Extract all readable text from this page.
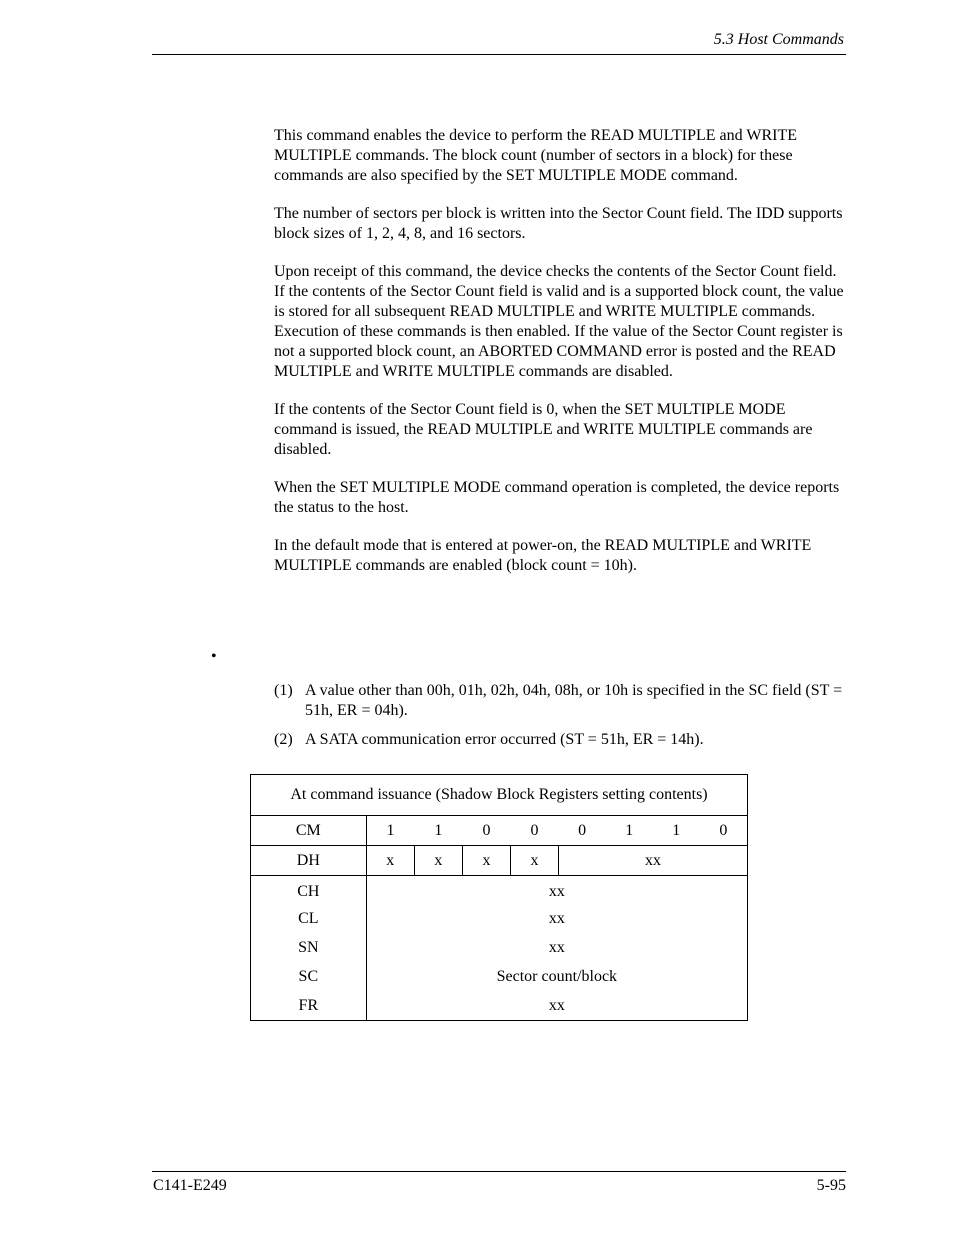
5.3 Host Commands

This command enables the device to perform the READ MULTIPLE and WRITE MULTIPLE commands. The block count (number of sectors in a block) for these commands are also specified by the SET MULTIPLE MODE command.

The number of sectors per block is written into the Sector Count field. The IDD supports block sizes of 1, 2, 4, 8, and 16 sectors.

Upon receipt of this command, the device checks the contents of the Sector Count field. If the contents of the Sector Count field is valid and is a supported block count, the value is stored for all subsequent READ MULTIPLE and WRITE MULTIPLE commands. Execution of these commands is then enabled. If the value of the Sector Count register is not a supported block count, an ABORTED COMMAND error is posted and the READ MULTIPLE and WRITE MULTIPLE commands are disabled.

If the contents of the Sector Count field is 0, when the SET MULTIPLE MODE command is issued, the READ MULTIPLE and WRITE MULTIPLE commands are disabled.

When the SET MULTIPLE MODE command operation is completed, the device reports the status to the host.

In the default mode that is entered at power-on, the READ MULTIPLE and WRITE MULTIPLE commands are enabled (block count = 10h).

•
(1) A value other than 00h, 01h, 02h, 04h, 08h, or 10h is specified in the SC field (ST = 51h, ER = 04h).
(2) A SATA communication error occurred (ST = 51h, ER = 14h).
At command issuance (Shadow Block Registers setting contents)								
CM	1	1	0	0	0	1	1	0
DH	x	x	x	x	xx			
CH	xx							
CL	xx							
SN	xx							
SC	Sector count/block							
FR	xx							
C141-E249	5-95
